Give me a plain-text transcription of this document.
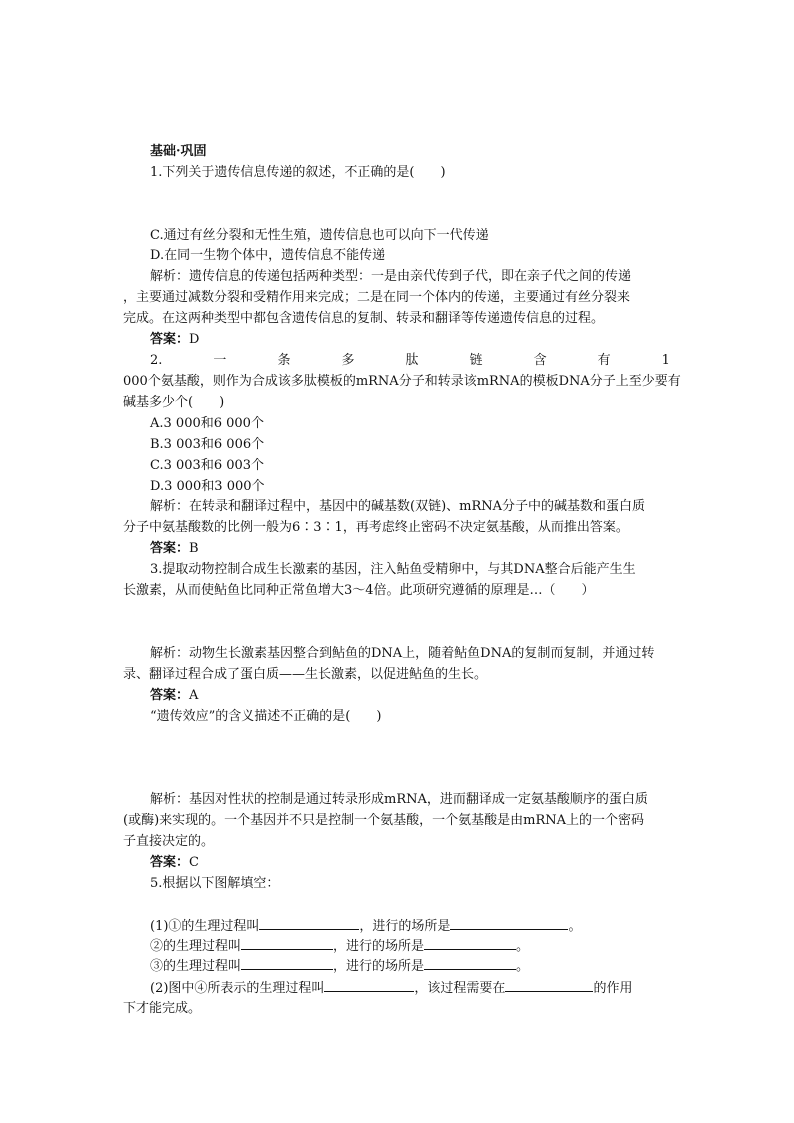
基础·巩固
1.下列关于遗传信息传递的叙述，不正确的是(　　)
C.通过有丝分裂和无性生殖，遗传信息也可以向下一代传递
D.在同一生物个体中，遗传信息不能传递
解析：遗传信息的传递包括两种类型：一是由亲代传到子代，即在亲子代之间的传递
，主要通过减数分裂和受精作用来完成；二是在同一个体内的传递，主要通过有丝分裂来
完成。在这两种类型中都包含遗传信息的复制、转录和翻译等传递遗传信息的过程。
答案：D
2.	一	条	多	肽	链	含	有	1
000个氨基酸，则作为合成该多肽模板的mRNA分子和转录该mRNA的模板DNA分子上至少要有
碱基多少个(　　)
A.3 000和6 000个
B.3 003和6 006个
C.3 003和6 003个
D.3 000和3 000个
解析：在转录和翻译过程中，基因中的碱基数(双链)、mRNA分子中的碱基数和蛋白质
分子中氨基酸数的比例一般为6∶3∶1，再考虑终止密码不决定氨基酸，从而推出答案。
答案：B
3.提取动物控制合成生长激素的基因，注入鲇鱼受精卵中，与其DNA整合后能产生生
长激素，从而使鲇鱼比同种正常鱼增大3～4倍。此项研究遵循的原理是…（　　）
解析：动物生长激素基因整合到鲇鱼的DNA上，随着鲇鱼DNA的复制而复制，并通过转
录、翻译过程合成了蛋白质——生长激素，以促进鲇鱼的生长。
答案：A
“遗传效应”的含义描述不正确的是(　　)
解析：基因对性状的控制是通过转录形成mRNA，进而翻译成一定氨基酸顺序的蛋白质
(或酶)来实现的。一个基因并不只是控制一个氨基酸，一个氨基酸是由mRNA上的一个密码
子直接决定的。
答案：C
5.根据以下图解填空：
(1)①的生理过程叫	，进行的场所是	。
②的生理过程叫	，进行的场所是	。
③的生理过程叫	，进行的场所是	。
(2)图中④所表示的生理过程叫	，该过程需要在	的作用
下才能完成。
